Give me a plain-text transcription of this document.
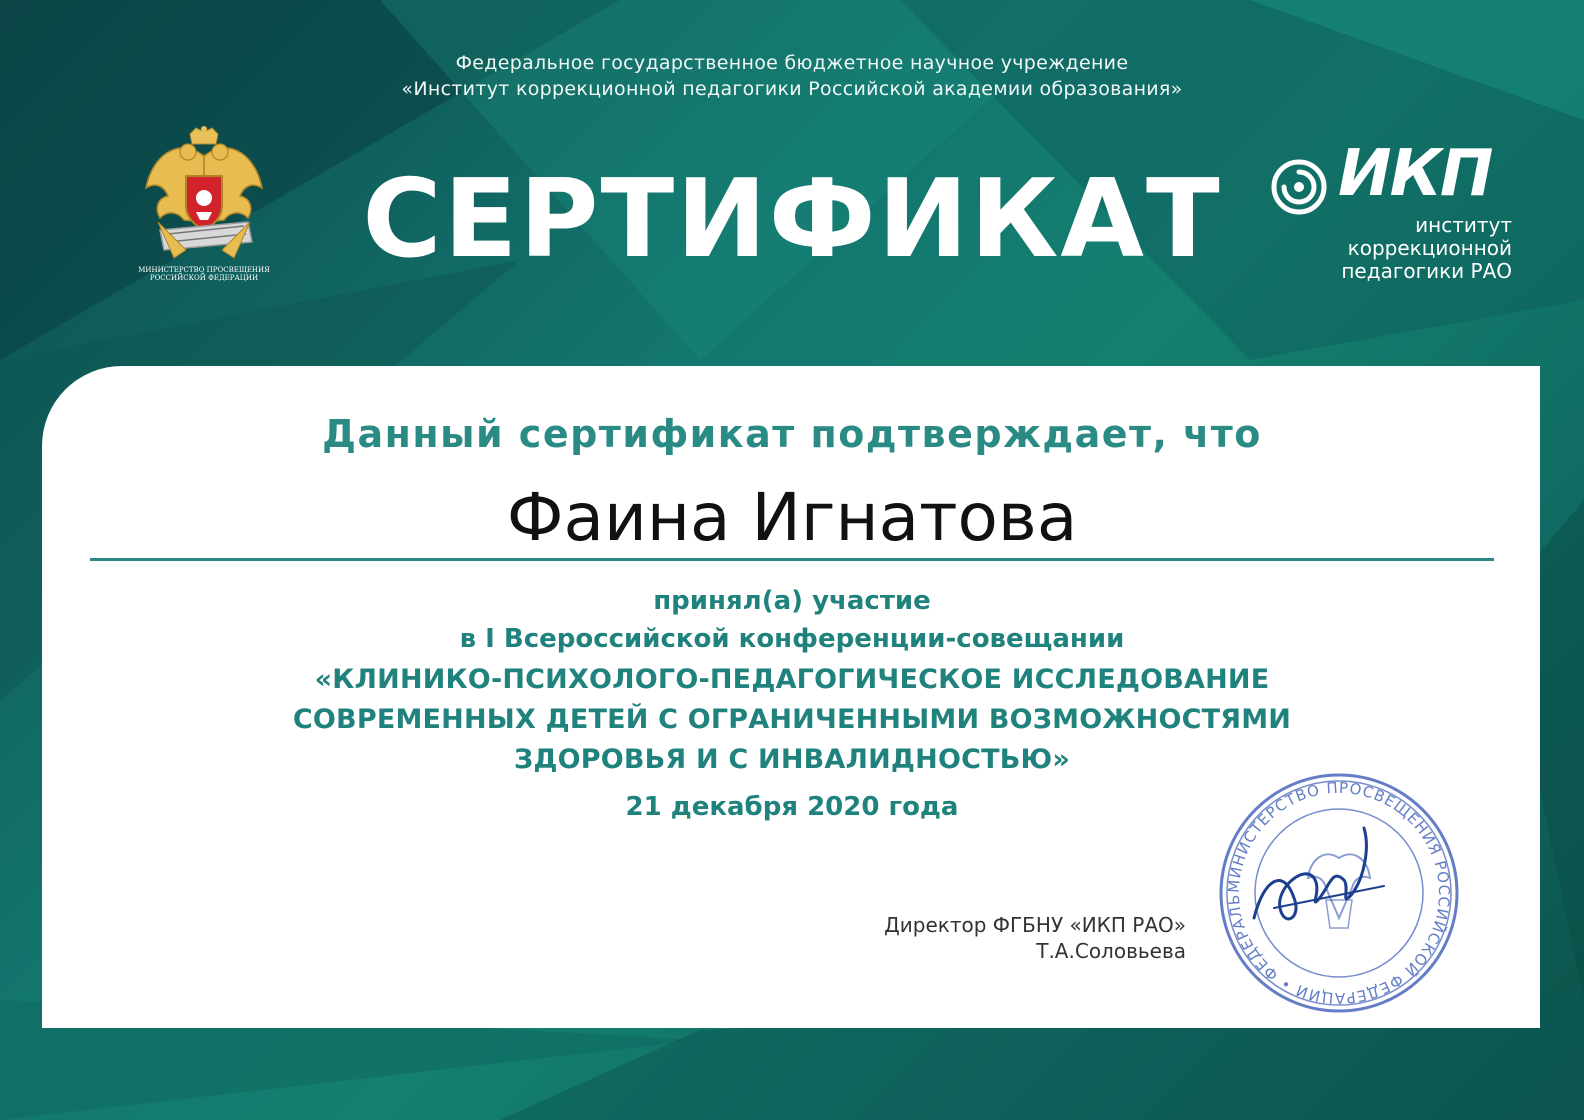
Федеральное государственное бюджетное научное учреждение
«Институт коррекционной педагогики Российской академии образования»
СЕРТИФИКАТ
МИНИСТЕРСТВО ПРОСВЕЩЕНИЯ
РОССИЙСКОЙ ФЕДЕРАЦИИ
ИКП
институт
коррекционной
педагогики РАО
Данный сертификат подтверждает, что
Фаина Игнатова
принял(а) участие
в I Всероссийской конференции-совещании
«КЛИНИКО-ПСИХОЛОГО-ПЕДАГОГИЧЕСКОЕ ИССЛЕДОВАНИЕ
СОВРЕМЕННЫХ ДЕТЕЙ С ОГРАНИЧЕННЫМИ ВОЗМОЖНОСТЯМИ
ЗДОРОВЬЯ И С ИНВАЛИДНОСТЬЮ»
21 декабря 2020 года
Директор ФГБНУ «ИКП РАО»
Т.А.Соловьева
МИНИСТЕРСТВО ПРОСВЕЩЕНИЯ РОССИЙСКОЙ ФЕДЕРАЦИИ • ФЕДЕРАЛЬ
